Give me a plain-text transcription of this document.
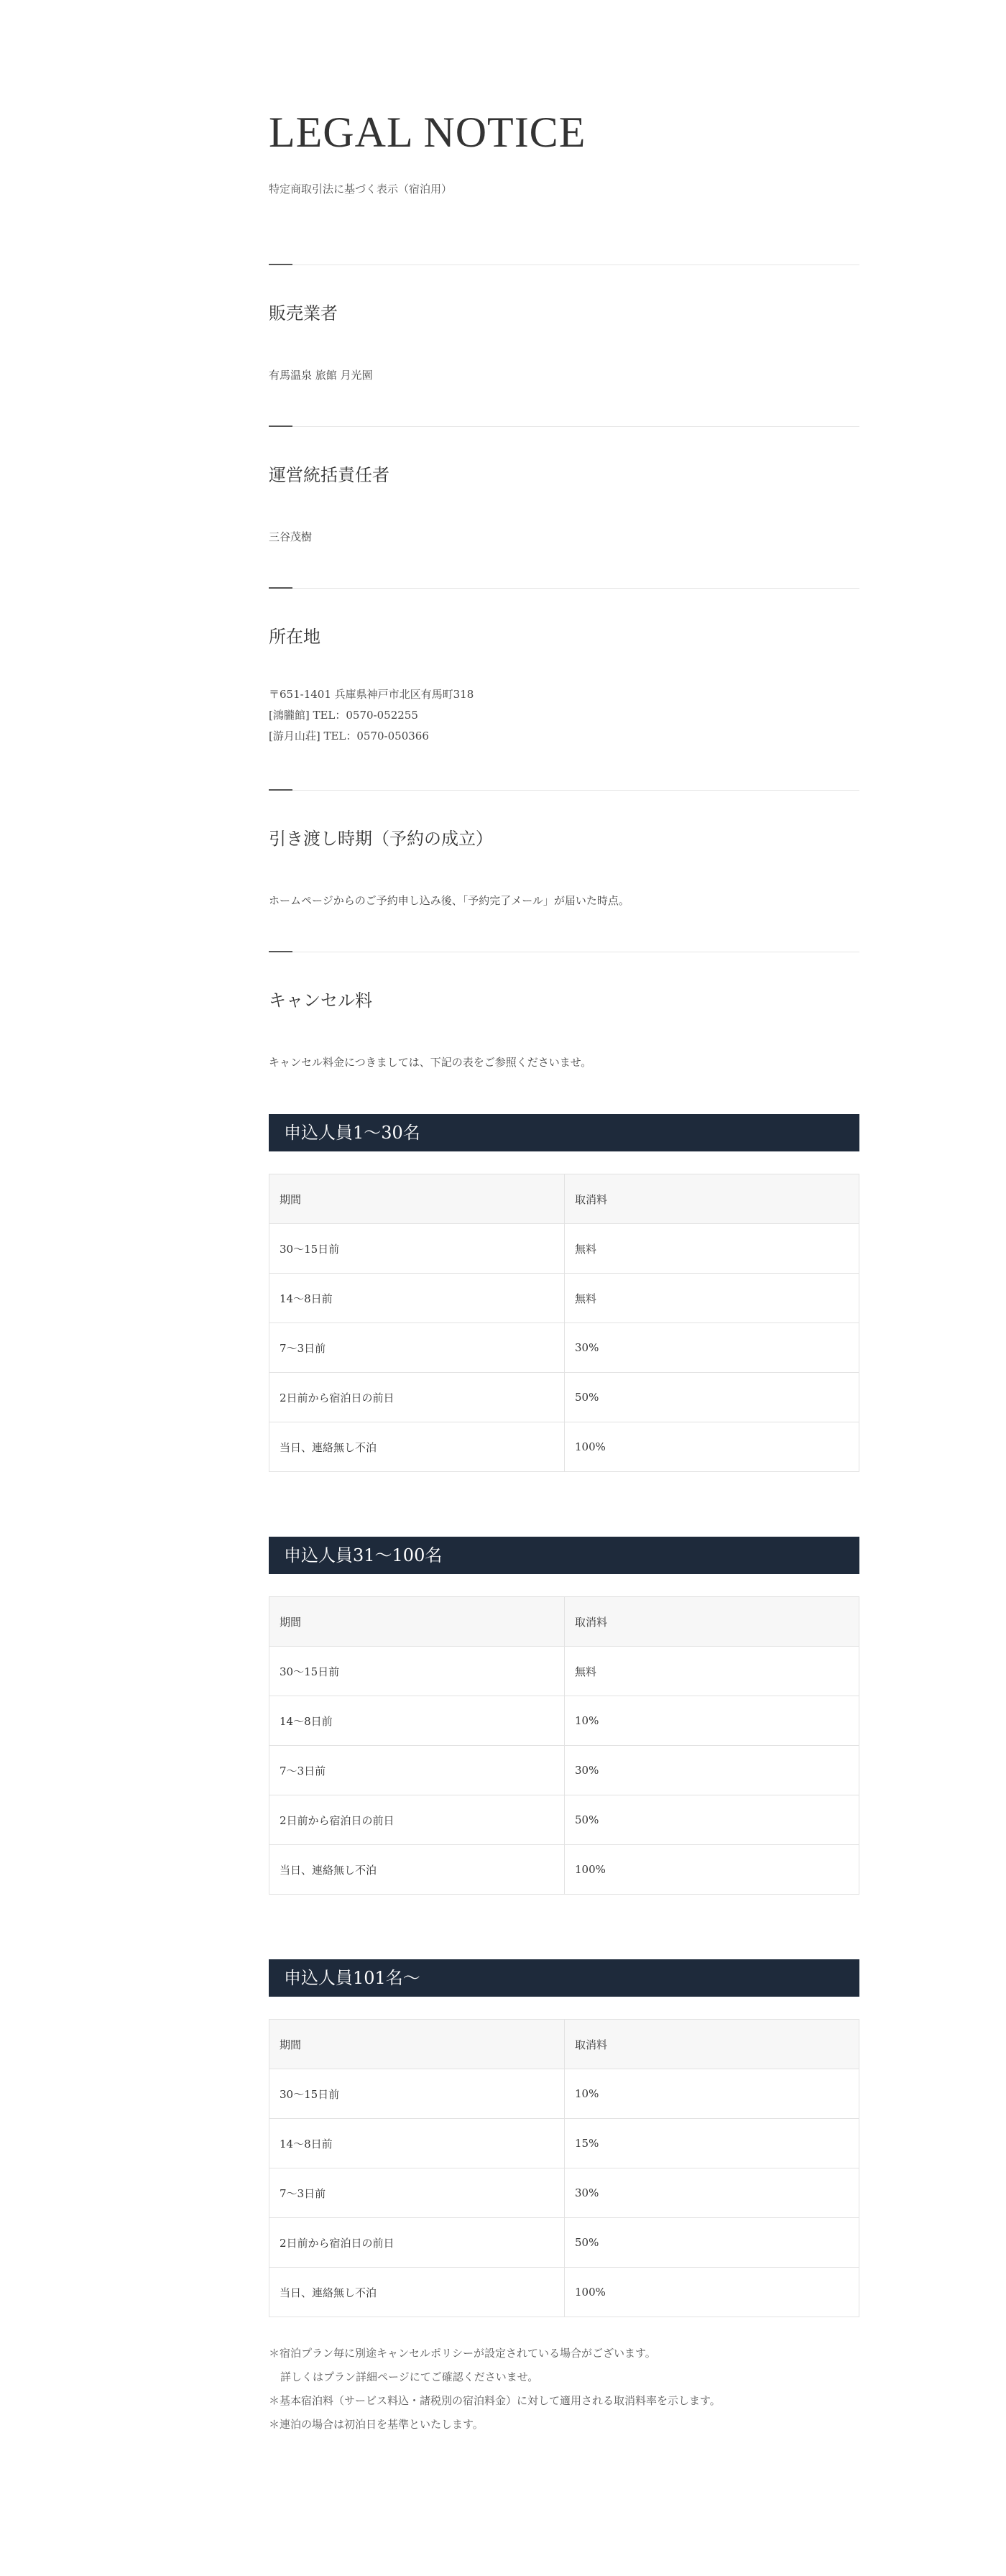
LEGAL NOTICE
特定商取引法に基づく表示（宿泊用）
販売業者
有馬温泉 旅館 月光園
運営統括責任者
三谷茂樹
所在地
〒651-1401 兵庫県神戸市北区有馬町318
[鴻朧館] TEL：0570-052255
[游月山荘] TEL：0570-050366
引き渡し時期（予約の成立）
ホームページからのご予約申し込み後、「予約完了メール」が届いた時点。
キャンセル料
キャンセル料金につきましては、下記の表をご参照くださいませ。
申込人員1～30名
期間	取消料
30～15日前	無料
14～8日前	無料
7～3日前	30%
2日前から宿泊日の前日	50%
当日、連絡無し不泊	100%
申込人員31～100名
期間	取消料
30～15日前	無料
14～8日前	10%
7～3日前	30%
2日前から宿泊日の前日	50%
当日、連絡無し不泊	100%
申込人員101名～
期間	取消料
30～15日前	10%
14～8日前	15%
7～3日前	30%
2日前から宿泊日の前日	50%
当日、連絡無し不泊	100%
＊宿泊プラン毎に別途キャンセルポリシーが設定されている場合がございます。
詳しくはプラン詳細ページにてご確認くださいませ。
＊基本宿泊料（サービス料込・諸税別の宿泊料金）に対して適用される取消料率を示します。
＊連泊の場合は初泊日を基準といたします。
